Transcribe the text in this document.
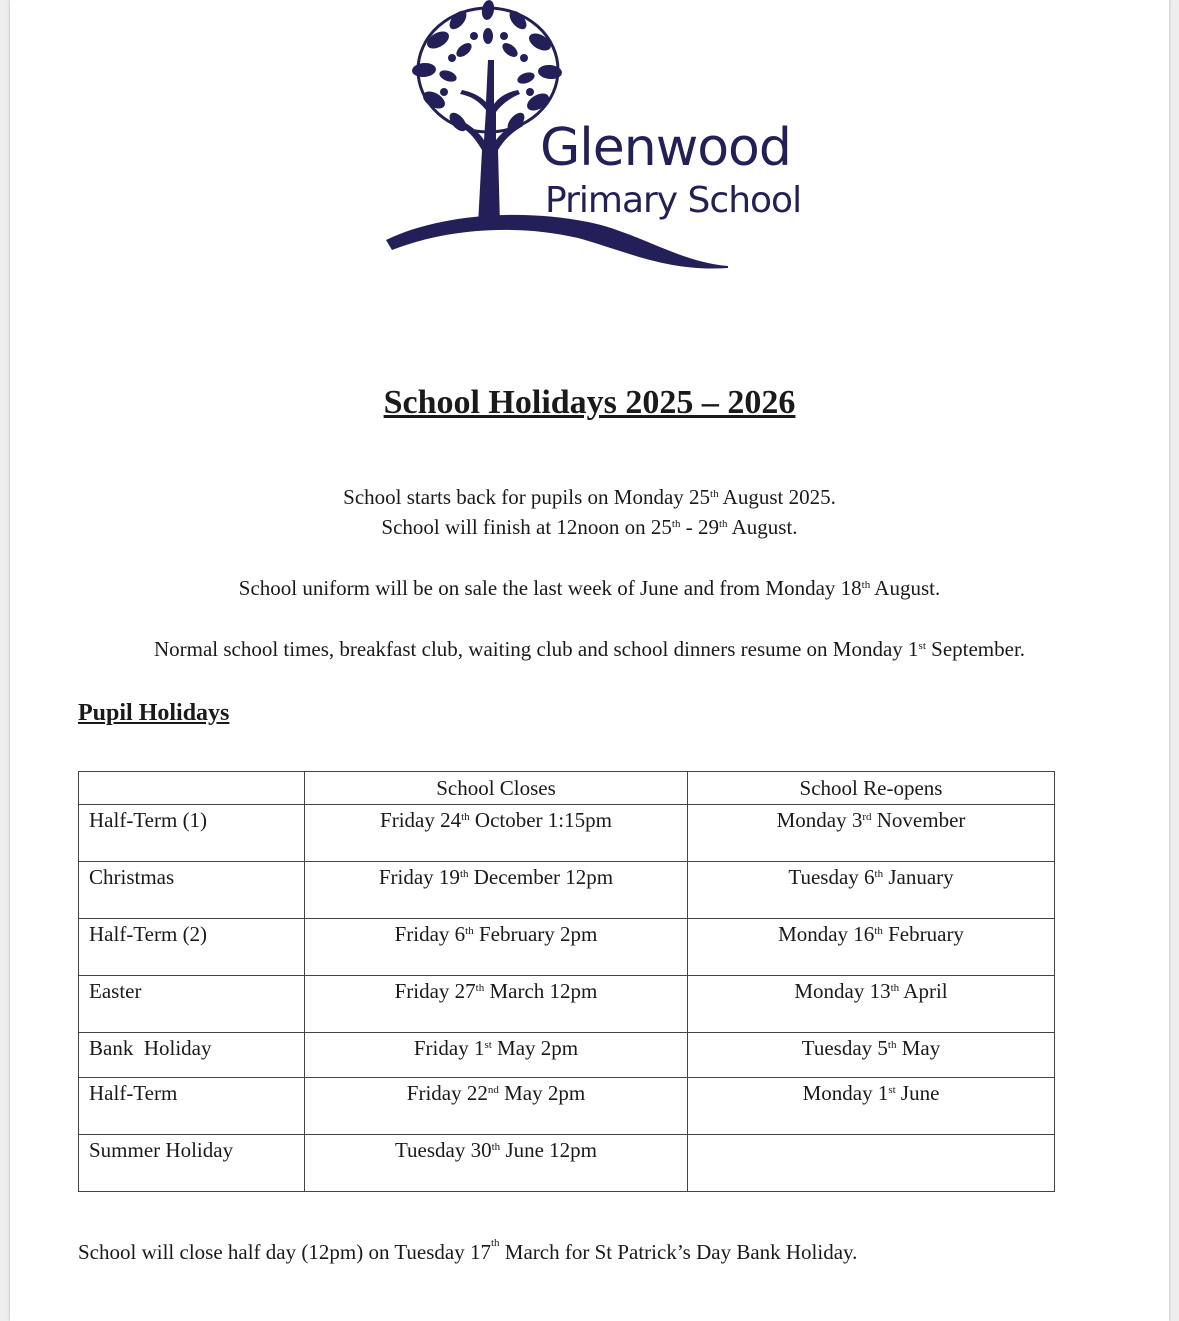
Glenwood
Primary School
School Holidays 2025 – 2026
School starts back for pupils on Monday 25th August 2025.
School will finish at 12noon on 25th - 29th August.
School uniform will be on sale the last week of June and from Monday 18th August.
Normal school times, breakfast club, waiting club and school dinners resume on Monday 1st September.
Pupil Holidays
	School Closes	School Re-opens
Half-Term (1)	Friday 24th October 1:15pm	Monday 3rd November
Christmas	Friday 19th December 12pm	Tuesday 6th January
Half-Term (2)	Friday 6th February 2pm	Monday 16th February
Easter	Friday 27th March 12pm	Monday 13th April
Bank  Holiday	Friday 1st May 2pm	Tuesday 5th May
Half-Term	Friday 22nd May 2pm	Monday 1st June
Summer Holiday	Tuesday 30th June 12pm	
School will close half day (12pm) on Tuesday 17th March for St Patrick’s Day Bank Holiday.
